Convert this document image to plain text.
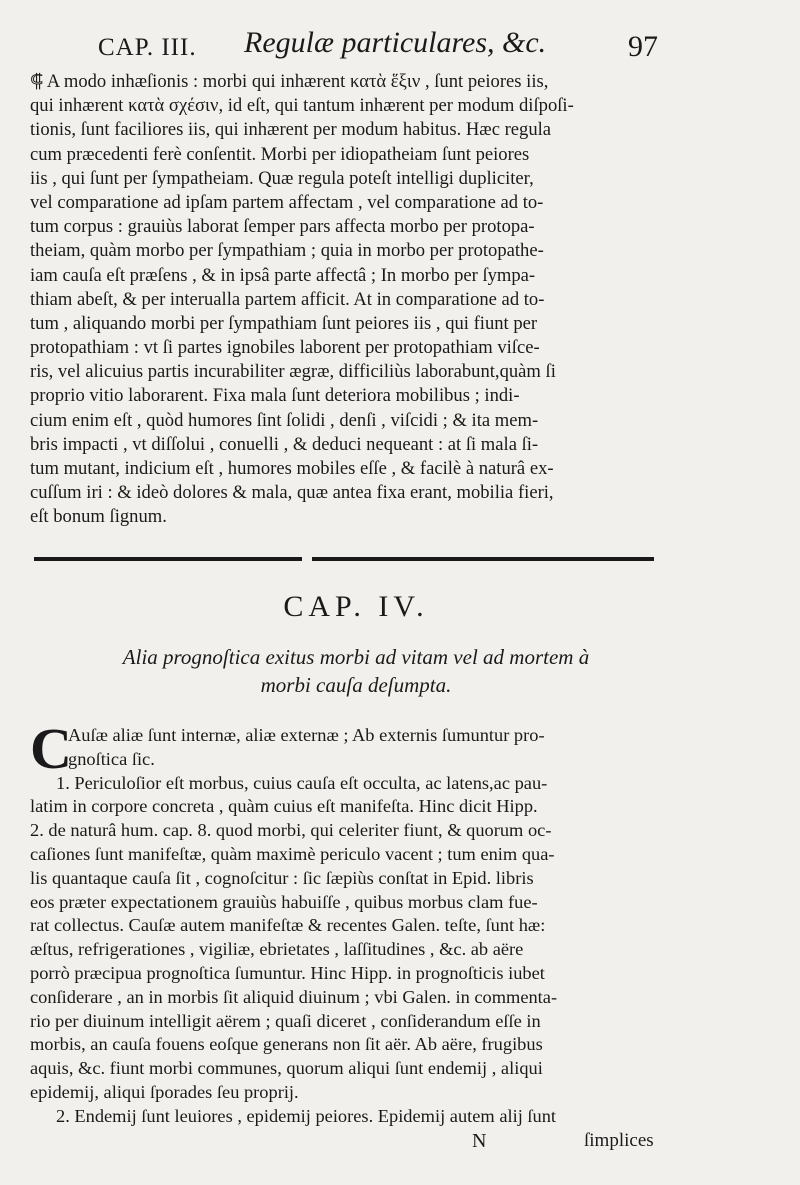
CAP. III. Regulæ particulares, &c.	97
⸿ A modo inhæſionis : morbi qui inhærent κατὰ ἕξιν , ſunt peiores iis,
qui inhærent κατὰ σχέσιν, id eſt, qui tantum inhærent per modum diſpoſi-
tionis, ſunt faciliores iis, qui inhærent per modum habitus. Hæc regula
cum præcedenti ferè conſentit. Morbi per idiopatheiam ſunt peiores
iis , qui ſunt per ſympatheiam. Quæ regula poteſt intelligi dupliciter,
vel comparatione ad ipſam partem affectam , vel comparatione ad to-
tum corpus : grauiùs laborat ſemper pars affecta morbo per protopa-
theiam, quàm morbo per ſympathiam ; quia in morbo per protopathe-
iam cauſa eſt præſens , & in ipsâ parte affectâ ; In morbo per ſympa-
thiam abeſt, & per interualla partem afficit. At in comparatione ad to-
tum , aliquando morbi per ſympathiam ſunt peiores iis , qui fiunt per
protopathiam : vt ſi partes ignobiles laborent per protopathiam viſce-
ris, vel alicuius partis incurabiliter ægræ, difficiliùs laborabunt,quàm ſi
proprio vitio laborarent. Fixa mala ſunt deteriora mobilibus ; indi-
cium enim eſt , quòd humores ſint ſolidi , denſi , viſcidi ; & ita mem-
bris impacti , vt diſſolui , conuelli , & deduci nequeant : at ſi mala ſi-
tum mutant, indicium eſt , humores mobiles eſſe , & facilè à naturâ ex-
cuſſum iri : & ideò dolores & mala, quæ antea fixa erant, mobilia fieri,
eſt bonum ſignum.
CAP. IV.
Alia prognoſtica exitus morbi ad vitam vel ad mortem à
morbi cauſa deſumpta.
C
Auſæ aliæ ſunt internæ, aliæ externæ ; Ab externis ſumuntur pro-
gnoſtica ſic.
1. Periculoſior eſt morbus, cuius cauſa eſt occulta, ac latens,ac pau-
latim in corpore concreta , quàm cuius eſt manifeſta. Hinc dicit Hipp.
2. de naturâ hum. cap. 8. quod morbi, qui celeriter fiunt, & quorum oc-
caſiones ſunt manifeſtæ, quàm maximè periculo vacent ; tum enim qua-
lis quantaque cauſa ſit , cognoſcitur : ſic ſæpiùs conſtat in Epid. libris
eos præter expectationem grauiùs habuiſſe , quibus morbus clam fue-
rat collectus. Cauſæ autem manifeſtæ & recentes Galen. teſte, ſunt hæ:
æſtus, refrigerationes , vigiliæ, ebrietates , laſſitudines , &c. ab aëre
porrò præcipua prognoſtica ſumuntur. Hinc Hipp. in prognoſticis iubet
conſiderare , an in morbis ſit aliquid diuinum ; vbi Galen. in commenta-
rio per diuinum intelligit aërem ; quaſi diceret , conſiderandum eſſe in
morbis, an cauſa fouens eoſque generans non ſit aër. Ab aëre, frugibus
aquis, &c. fiunt morbi communes, quorum aliqui ſunt endemij , aliqui
epidemij, aliqui ſporades ſeu proprij.
2. Endemij ſunt leuiores , epidemij peiores. Epidemij autem alij ſunt
N	ſimplices
